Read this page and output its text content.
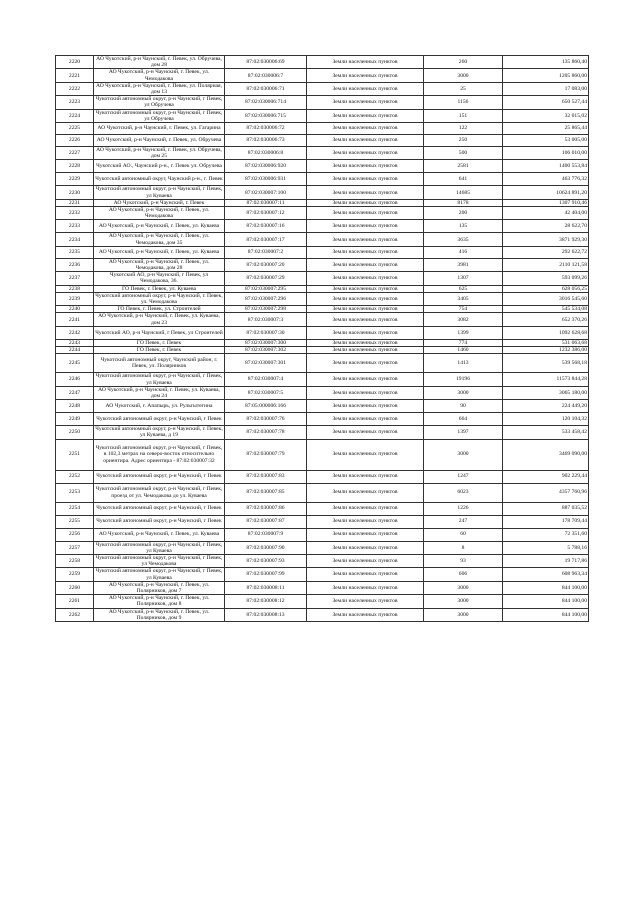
2220	АО Чукотский, р-н Чаунский, г. Певек, ул. Обручева, дом 28	87:02:030006:69	Земли населенных пунктов	260	135 860,40
2221	АО Чукотский, р-н Чаунский, г. Певек, ул. Чемодакова	87:02:030006:7	Земли населенных пунктов	3000	1205 860,00
2222	АО Чукотский, р-н Чаунский, г. Певек, ул. Полярная, дом 13	87:02:030006:71	Земли населенных пунктов	25	17 083,00
2223	Чукотский автономный округ, р-н Чаунский, г Певек, ул Обручева	87:02:030006:714	Земли населенных пунктов	1156	650 527,44
2224	Чукотский автономный округ, р-н Чаунский, г Певек, ул Обручева	87:02:030006:715	Земли населенных пунктов	151	32 015,02
2225	АО Чукотский, р-н Чаунский, г. Певек, ул. Гагарина	87:02:030006:72	Земли населенных пунктов	122	25 865,44
2226	АО Чукотский, р-н Чаунский, г. Певек, ул. Обручева	87:02:030006:73	Земли населенных пунктов	250	53 005,00
2227	АО Чукотский, р-н Чаунский, г. Певек, ул. Обручева, дом 25	87:02:030006:8	Земли населенных пунктов	500	106 010,00
2228	Чукотский АО., Чаунский р-н., г. Певек ул. Обручева	87:02:030006:920	Земли населенных пунктов	2581	1400 553,84
2229	Чукотский автономный округ, Чаунский р-н., г. Певек	87:02:030006:931	Земли населенных пунктов	641	463 776,32
2230	Чукотский автономный округ, р-н Чаунский, г Певек, ул Куваева	87:02:030007:100	Земли населенных пунктов	14685	10624 891,20
2231	АО Чукотский, р-н Чаунский, г. Певек	87:02:030007:11	Земли населенных пунктов	8178	1307 910,46
2232	АО Чукотский, р-н Чаунский, г. Певек, ул. Чемодакова	87:02:030007:12	Земли населенных пунктов	200	42 404,00
2233	АО Чукотский, р-н Чаунский, г. Певек, ул. Куваева	87:02:030007:16	Земли населенных пунктов	135	28 622,70
2234	АО Чукотский, р-н Чаунский, г. Певек, ул. Чемодакова, дом 35	87:02:030007:17	Земли населенных пунктов	3635	3871 929,30
2235	АО Чукотский, р-н Чаунский, г. Певек, ул. Куваева	87:02:030007:2	Земли населенных пунктов	416	292 622,72
2236	АО Чукотский, р-н Чаунский, г. Певек, ул. Чемодакова, дом 28	87:02:030007:20	Земли населенных пунктов	3981	2110 121,58
2237	Чукотский АО, р-н Чаунский, г Певек, ул Чемодакова, 36.	87:02:030007:29	Земли населенных пунктов	1307	593 099,26
2238	ГО Певек, г. Певек, ул. Куваева	87:02:030007:295	Земли населенных пунктов	625	628 056,25
2239	Чукотский автономный округ, р-н Чаунский, г. Певек, ул. Чемодакова	87:02:030007:296	Земли населенных пунктов	3405	3016 545,60
2240	ГО Певек, г. Певек, ул. Строителей	87:02:030007:298	Земли населенных пунктов	754	545 534,08
2241	АО Чукотский, р-н Чаунский, г. Певек, ул. Куваева, дом 23	87:02:030007:3	Земли населенных пунктов	3082	652 370,26
2242	Чукотский АО, р-н Чаунский, г Певек, ул Строителей	87:02:030007:30	Земли населенных пунктов	1399	1092 628,68
2243	ГО Певек, г. Певек	87:02:030007:300	Земли населенных пунктов	774	531 063,68
2244	ГО Певек, г. Певек	87:02:030007:302	Земли населенных пунктов	1460	1232 386,00
2245	Чукотский автономный округ, Чаунский район, г. Певек, ул. Полярников	87:02:030007:301	Земли населенных пунктов	1413	539 568,18
2246	Чукотский автономный округ, р-н Чаунский, г Певек, ул Куваева	87:02:030007:4	Земли населенных пунктов	19196	11573 844,28
2247	АО Чукотский, р-н Чаунский, г. Певек, ул. Куваева, дом 24	87:02:030007:5	Земли населенных пунктов	3000	3065 180,00
2248	АО Чукотский, г. Апапырь, ул. Рультытегина	87:05:000006:166	Земли населенных пунктов	90	224 449,20
2249	Чукотский автономный округ, р-н Чаунский, г Певек	87:02:030007:76	Земли населенных пунктов	664	120 104,32
2250	Чукотский автономный округ, р-н Чаунский, г. Певек, ул Куваева, д 19	87:02:030007:78	Земли населенных пунктов	1397	533 458,42
2251	Чукотский автономный округ, р-н Чаунский, г Певек, в 102,3 метрах на северо-восток относительно ориентира. Адрес ориентира - 87:02:030007:32	87:02:030007:79	Земли населенных пунктов	3000	3469 090,00
2252	Чукотский автономный округ, р-н Чаунский, г Певек	87:02:030007:83	Земли населенных пунктов	1247	902 229,44
2253	Чукотский автономный округ, р-н Чаунский, г Певек, проезд от ул. Чемодакова до ул. Куваева	87:02:030007:85	Земли населенных пунктов	6023	4357 760,96
2254	Чукотский автономный округ, р-н Чаунский, г Певек	87:02:030007:86	Земли населенных пунктов	1226	887 035,52
2255	Чукотский автономный округ, р-н Чаунский, г Певек	87:02:030007:87	Земли населенных пунктов	247	178 709,44
2256	АО Чукотский, р-н Чаунский, г. Певек, ул. Куваева	87:02:030007:9	Земли населенных пунктов	60	72 351,60
2257	Чукотский автономный округ, р-н Чаунский, г Певек, ул Куваева	87:02:030007:90	Земли населенных пунктов	8	5 788,16
2258	Чукотский автономный округ, р-н Чаунский, г Певек, ул Чемодакова	87:02:030007:93	Земли населенных пунктов	93	19 717,86
2259	Чукотский автономный округ, р-н Чаунский, г Певек, ул Куваева	87:02:030007:99	Земли населенных пунктов	606	608 963,34
2260	АО Чукотский, р-н Чаунский, г. Певек, ул. Полярников, дом 7	87:02:030008:11	Земли населенных пунктов	3000	844 100,00
2261	АО Чукотский, р-н Чаунский, г. Певек, ул. Полярников, дом 8	87:02:030008:12	Земли населенных пунктов	3000	844 100,00
2262	АО Чукотский, р-н Чаунский, г. Певек, ул. Полярников, дом 9	87:02:030008:13	Земли населенных пунктов	3000	844 100,00
